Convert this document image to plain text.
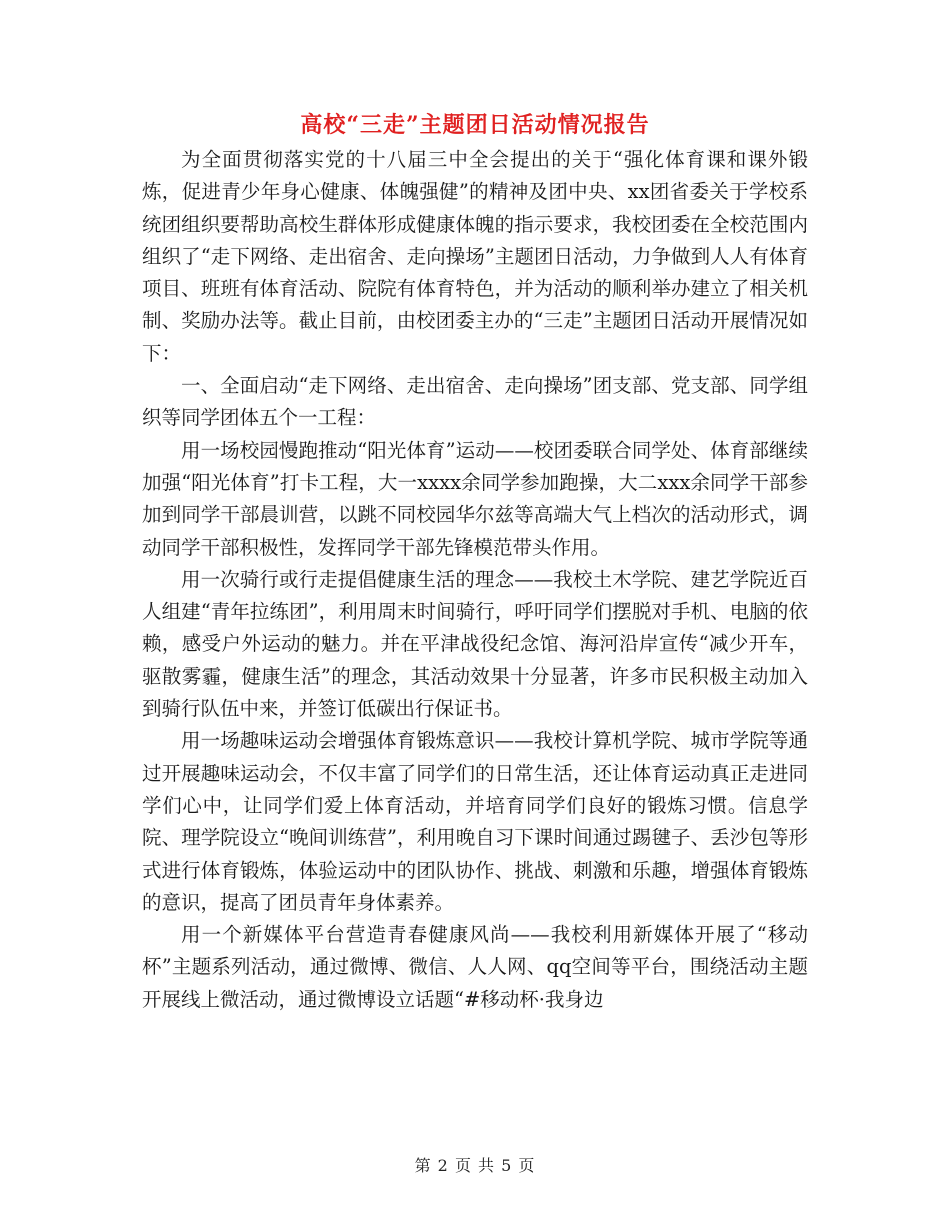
高校“三走”主题团日活动情况报告

为全面贯彻落实党的十八届三中全会提出的关于“强化体育课和课外锻炼，促进青少年身心健康、体魄强健”的精神及团中央、xx团省委关于学校系统团组织要帮助高校生群体形成健康体魄的指示要求，我校团委在全校范围内组织了“走下网络、走出宿舍、走向操场”主题团日活动，力争做到人人有体育项目、班班有体育活动、院院有体育特色，并为活动的顺利举办建立了相关机制、奖励办法等。截止目前，由校团委主办的“三走”主题团日活动开展情况如下：

一、全面启动“走下网络、走出宿舍、走向操场”团支部、党支部、同学组织等同学团体五个一工程：

用一场校园慢跑推动“阳光体育”运动——校团委联合同学处、体育部继续加强“阳光体育”打卡工程，大一xxxx余同学参加跑操，大二xxx余同学干部参加到同学干部晨训营，以跳不同校园华尔兹等高端大气上档次的活动形式，调动同学干部积极性，发挥同学干部先锋模范带头作用。

用一次骑行或行走提倡健康生活的理念——我校土木学院、建艺学院近百人组建“青年拉练团”，利用周末时间骑行，呼吁同学们摆脱对手机、电脑的依赖，感受户外运动的魅力。并在平津战役纪念馆、海河沿岸宣传“减少开车，驱散雾霾，健康生活”的理念，其活动效果十分显著，许多市民积极主动加入到骑行队伍中来，并签订低碳出行保证书。

用一场趣味运动会增强体育锻炼意识——我校计算机学院、城市学院等通过开展趣味运动会，不仅丰富了同学们的日常生活，还让体育运动真正走进同学们心中，让同学们爱上体育活动，并培育同学们良好的锻炼习惯。信息学院、理学院设立“晚间训练营”，利用晚自习下课时间通过踢毽子、丢沙包等形式进行体育锻炼，体验运动中的团队协作、挑战、刺激和乐趣，增强体育锻炼的意识，提高了团员青年身体素养。

用一个新媒体平台营造青春健康风尚——我校利用新媒体开展了“移动杯”主题系列活动，通过微博、微信、人人网、qq空间等平台，围绕活动主题开展线上微活动，通过微博设立话题“#移动杯·我身边

第 2 页 共 5 页
